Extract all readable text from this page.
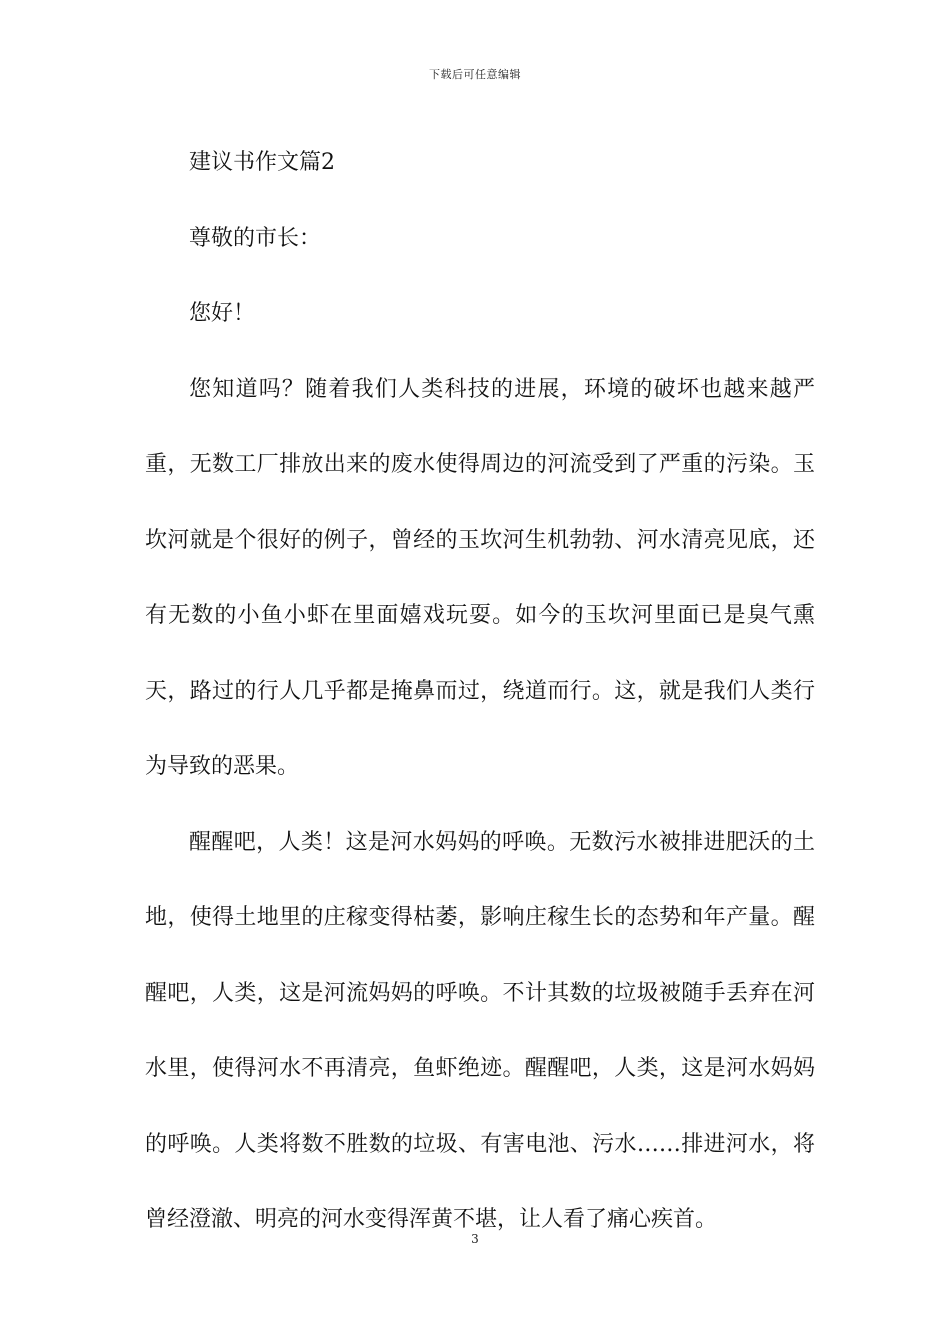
下载后可任意编辑

建议书作文篇2

尊敬的市长：

您好！

您知道吗？随着我们人类科技的进展，环境的破坏也越来越严重，无数工厂排放出来的废水使得周边的河流受到了严重的污染。玉坎河就是个很好的例子，曾经的玉坎河生机勃勃、河水清亮见底，还有无数的小鱼小虾在里面嬉戏玩耍。如今的玉坎河里面已是臭气熏天，路过的行人几乎都是掩鼻而过，绕道而行。这，就是我们人类行为导致的恶果。

醒醒吧，人类！这是河水妈妈的呼唤。无数污水被排进肥沃的土地，使得土地里的庄稼变得枯萎，影响庄稼生长的态势和年产量。醒醒吧，人类，这是河流妈妈的呼唤。不计其数的垃圾被随手丢弃在河水里，使得河水不再清亮，鱼虾绝迹。醒醒吧，人类，这是河水妈妈的呼唤。人类将数不胜数的垃圾、有害电池、污水……排进河水，将曾经澄澈、明亮的河水变得浑黄不堪，让人看了痛心疾首。

3
